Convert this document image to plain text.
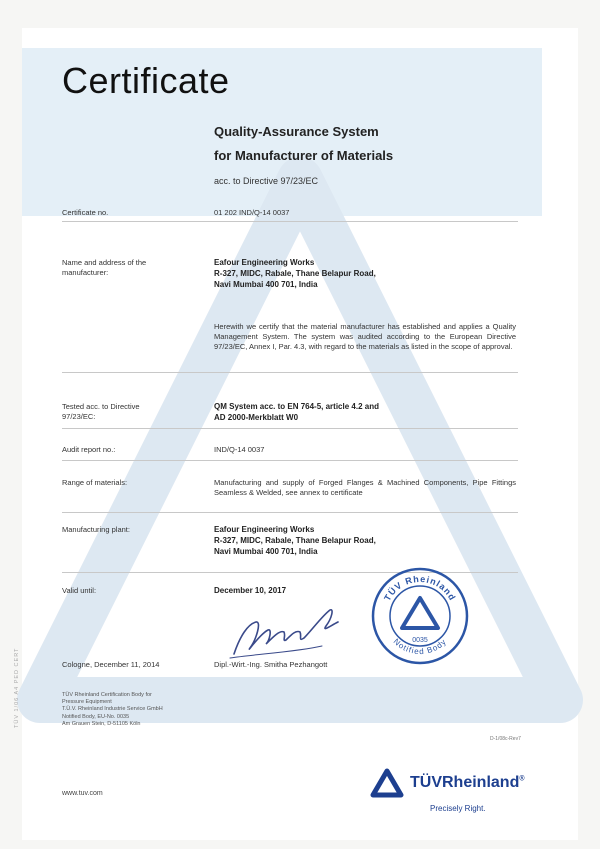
Certificate
Quality-Assurance System
for Manufacturer of Materials
acc. to Directive 97/23/EC
Certificate no.	01 202 IND/Q-14 0037
Name and address of the manufacturer:
Eafour Engineering Works
R-327, MIDC, Rabale, Thane Belapur Road,
Navi Mumbai 400 701, India
Herewith we certify that the material manufacturer has established and applies a Quality Management System. The system was audited according to the European Directive 97/23/EC, Annex I, Par. 4.3, with regard to the materials as listed in the scope of approval.
Tested acc. to Directive 97/23/EC:
QM System acc. to EN 764-5, article 4.2 and
AD 2000-Merkblatt W0
Audit report no.:	IND/Q-14 0037
Range of materials:	Manufacturing and supply of Forged Flanges & Machined Components, Pipe Fittings Seamless & Welded, see annex to certificate
Manufacturing plant:	Eafour Engineering Works
R-327, MIDC, Rabale, Thane Belapur Road,
Navi Mumbai 400 701, India
Valid until:	December 10, 2017
TÜV Rheinland
Notified Body
0035
Cologne, December 11, 2014	Dipl.-Wirt.-Ing. Smitha Pezhangott
TÜV Rheinland Certification Body for
Pressure Equipment
T.Ü.V. Rheinland Industrie Service GmbH
Notified Body, EU-No. 0035
Am Grauen Stein, D-51105 Köln
D-1/08c-Rev7
www.tuv.com
TÜV 1/06 A4 PED CERT
TÜVRheinland®
Precisely Right.
